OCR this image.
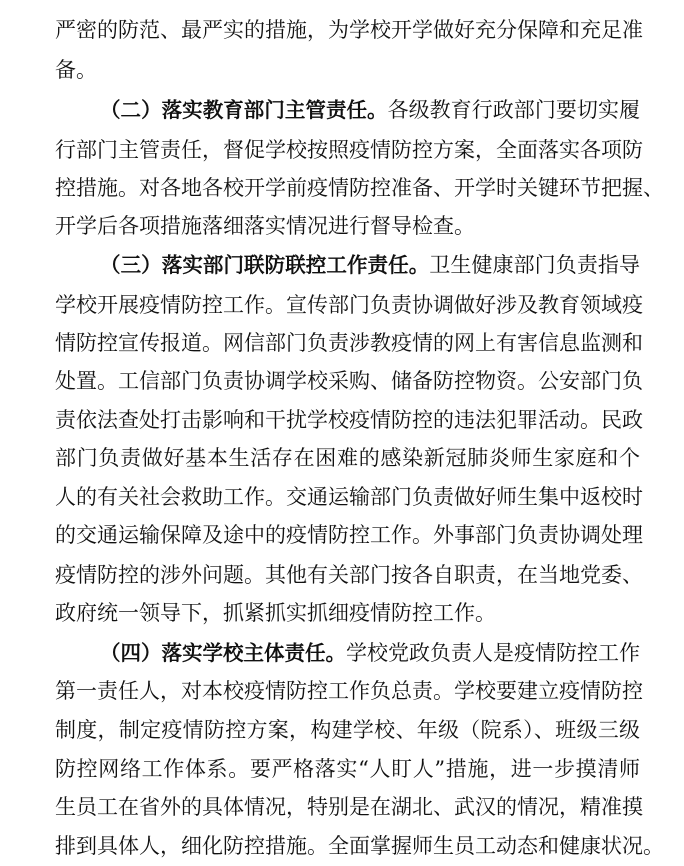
严密的防范、最严实的措施，为学校开学做好充分保障和充足准
备。
（二）落实教育部门主管责任。各级教育行政部门要切实履
行部门主管责任，督促学校按照疫情防控方案，全面落实各项防
控措施。对各地各校开学前疫情防控准备、开学时关键环节把握、
开学后各项措施落细落实情况进行督导检查。
（三）落实部门联防联控工作责任。卫生健康部门负责指导
学校开展疫情防控工作。宣传部门负责协调做好涉及教育领域疫
情防控宣传报道。网信部门负责涉教疫情的网上有害信息监测和
处置。工信部门负责协调学校采购、储备防控物资。公安部门负
责依法查处打击影响和干扰学校疫情防控的违法犯罪活动。民政
部门负责做好基本生活存在困难的感染新冠肺炎师生家庭和个
人的有关社会救助工作。交通运输部门负责做好师生集中返校时
的交通运输保障及途中的疫情防控工作。外事部门负责协调处理
疫情防控的涉外问题。其他有关部门按各自职责，在当地党委、
政府统一领导下，抓紧抓实抓细疫情防控工作。
（四）落实学校主体责任。学校党政负责人是疫情防控工作
第一责任人，对本校疫情防控工作负总责。学校要建立疫情防控
制度，制定疫情防控方案，构建学校、年级（院系）、班级三级
防控网络工作体系。要严格落实“人盯人”措施，进一步摸清师
生员工在省外的具体情况，特别是在湖北、武汉的情况，精准摸
排到具体人，细化防控措施。全面掌握师生员工动态和健康状况。
